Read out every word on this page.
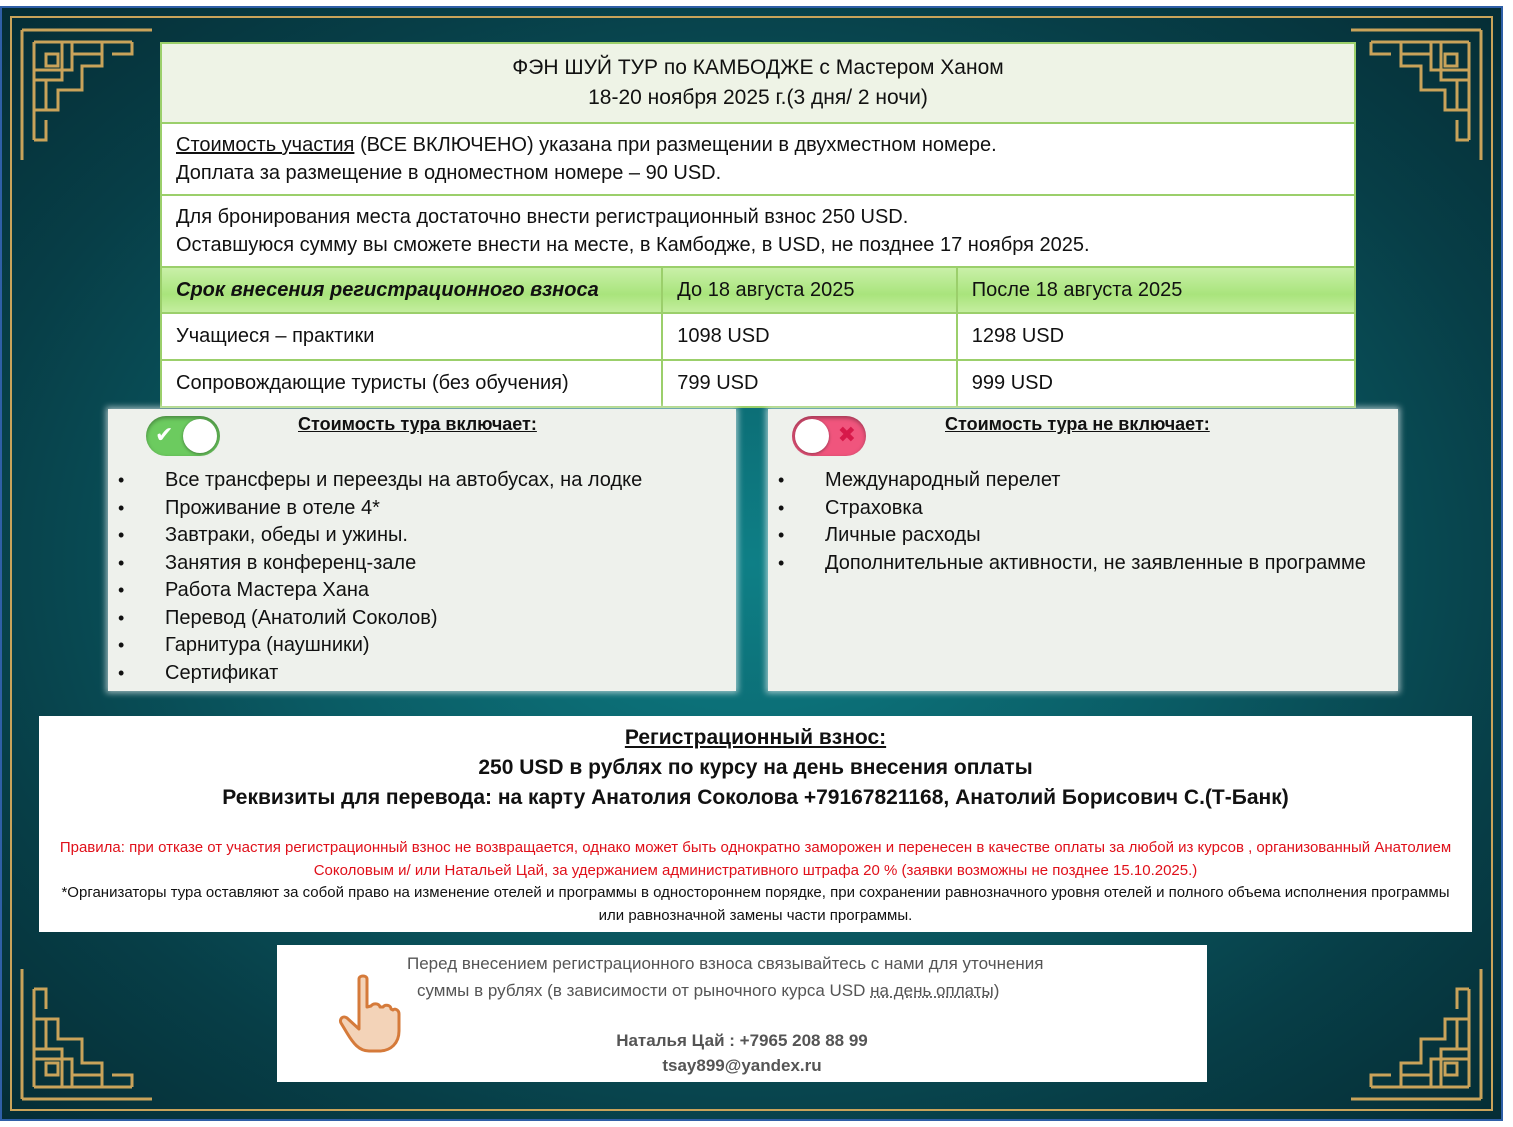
ФЭН ШУЙ ТУР по КАМБОДЖЕ с Мастером Ханом
18-20 ноября 2025 г.(3 дня/ 2 ночи)		

Стоимость участия (ВСЕ ВКЛЮЧЕНО) указана при размещении в двухместном номере.
Доплата за размещение в одноместном номере – 90 USD.		

Для бронирования места достаточно внести регистрационный взнос 250 USD.
Оставшуюся сумму вы сможете внести на месте, в Камбодже, в USD, не позднее 17 ноября 2025.		

Срок внесения регистрационного взноса	До 18 августа 2025	После 18 августа 2025
Учащиеся – практики	1098 USD	1298 USD
Сопровождающие туристы (без обучения)	799 USD	999 USD
✔	Стоимость тура включает:
• Все трансферы и переезды на автобусах, на лодке
• Проживание в отеле 4*
• Завтраки, обеды и ужины.
• Занятия в конференц-зале
• Работа Мастера Хана
• Перевод (Анатолий Соколов)
• Гарнитура (наушники)
• Сертификат
✖	Стоимость тура не включает:
• Международный перелет
• Страховка
• Личные расходы
• Дополнительные активности, не заявленные в программе
Регистрационный взнос:
250 USD в рублях по курсу на день внесения оплаты
Реквизиты для перевода: на карту Анатолия Соколова +79167821168, Анатолий Борисович С.(Т-Банк)
Правила: при отказе от участия регистрационный взнос не возвращается, однако может быть однократно заморожен и перенесен в качестве оплаты за любой из курсов , организованный Анатолием Соколовым и/ или Натальей Цай, за удержанием административного штрафа 20 % (заявки возможны не позднее 15.10.2025.)
*Организаторы тура оставляют за собой право на изменение отелей и программы в одностороннем порядке, при сохранении равнозначного уровня отелей и полного объема исполнения программы или равнозначной замены части программы.
Перед внесением регистрационного взноса связывайтесь с нами для уточнения
суммы в рублях (в зависимости от рыночного курса USD на день оплаты)
Наталья Цай : +7965 208 88 99
tsay899@yandex.ru
